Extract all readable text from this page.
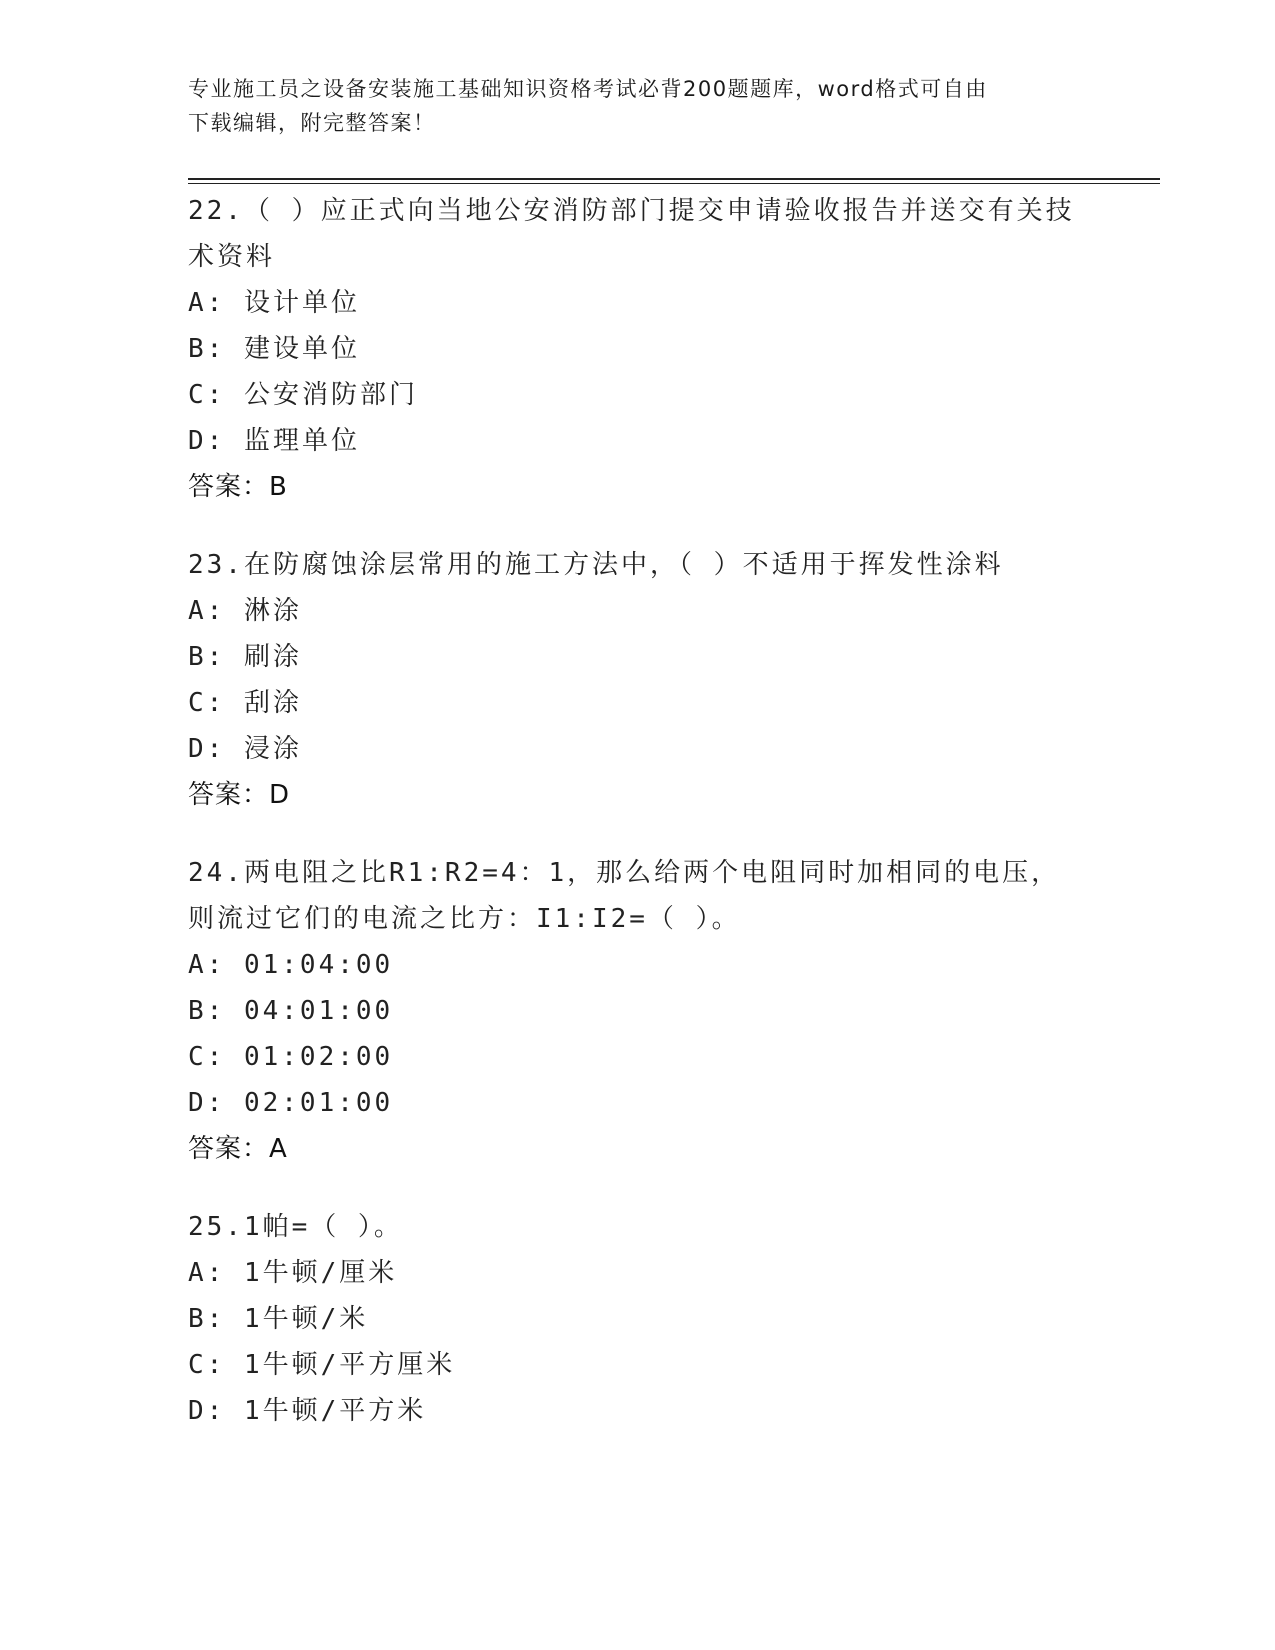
专业施工员之设备安装施工基础知识资格考试必背200题题库，word格式可自由
下载编辑，附完整答案！
22.（ ）应正式向当地公安消防部门提交申请验收报告并送交有关技术资料
A: 设计单位
B: 建设单位
C: 公安消防部门
D: 监理单位
答案：B
23.在防腐蚀涂层常用的施工方法中，（ ）不适用于挥发性涂料
A: 淋涂
B: 刷涂
C: 刮涂
D: 浸涂
答案：D
24.两电阻之比R1:R2=4：1，那么给两个电阻同时加相同的电压，则流过它们的电流之比方：I1:I2=（ ）。
A: 01:04:00
B: 04:01:00
C: 01:02:00
D: 02:01:00
答案：A
25.1帕=（ ）。
A: 1牛顿/厘米
B: 1牛顿/米
C: 1牛顿/平方厘米
D: 1牛顿/平方米
